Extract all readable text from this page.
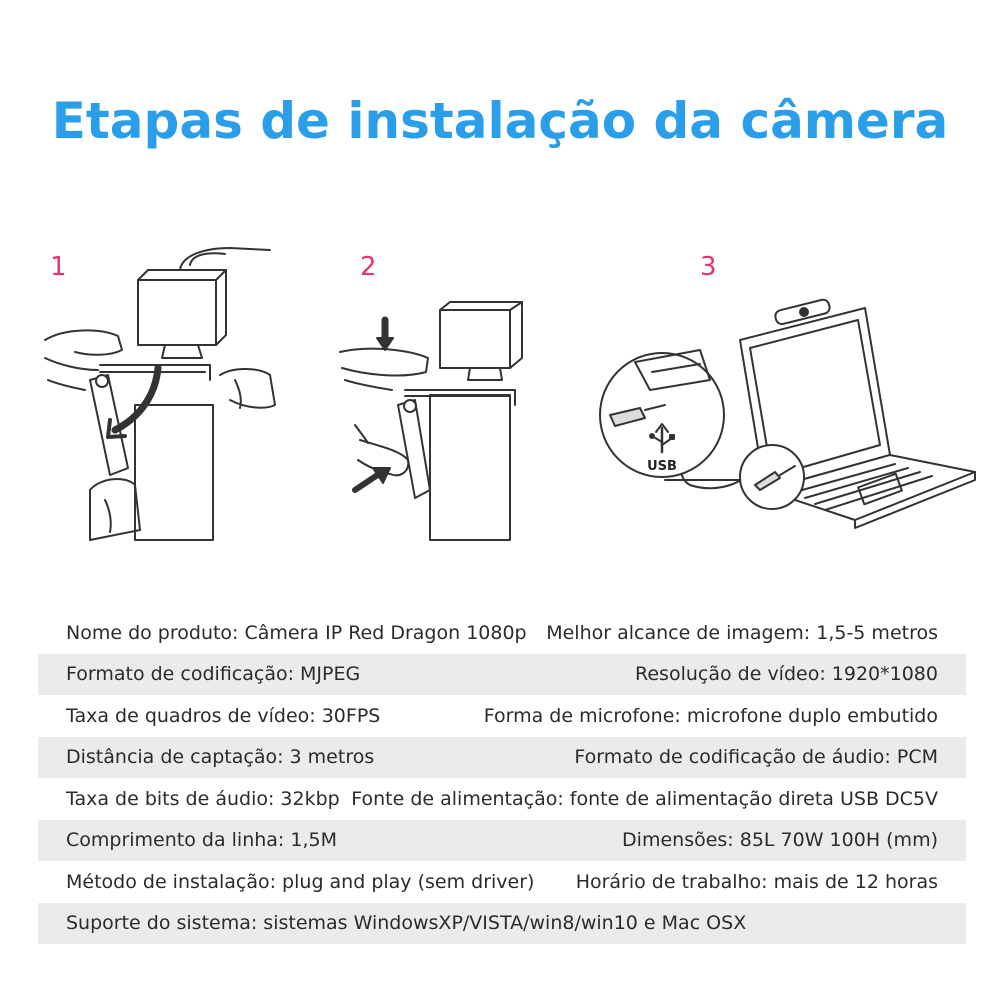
Etapas de instalação da câmera
1	2
USB
3
Nome do produto: Câmera IP Red Dragon 1080p Melhor alcance de imagem: 1,5-5 metros
Formato de codificação: MJPEG	Resolução de vídeo: 1920*1080
Taxa de quadros de vídeo: 30FPS	Forma de microfone: microfone duplo embutido
Distância de captação: 3 metros	Formato de codificação de áudio: PCM
Taxa de bits de áudio: 32kbp Fonte de alimentação: fonte de alimentação direta USB DC5V
Comprimento da linha: 1,5M	Dimensões: 85L 70W 100H (mm)
Método de instalação: plug and play (sem driver) Horário de trabalho: mais de 12 horas
Suporte do sistema: sistemas WindowsXP/VISTA/win8/win10 e Mac OSX
